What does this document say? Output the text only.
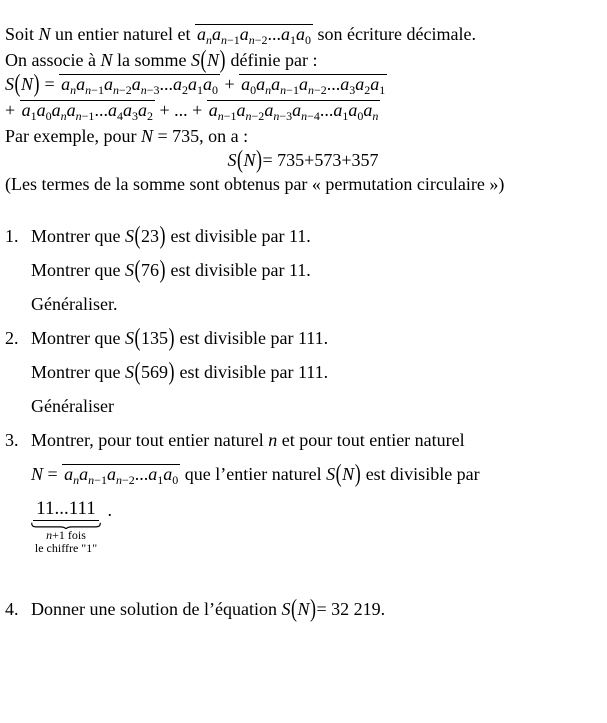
Soit N un entier naturel et $a_na_{n-1}a_{n-2}...a_1a_0$ son écriture décimale.

On associe à N la somme S(N) définie par :

$S(N) = a_na_{n-1}a_{n-2}a_{n-3}...a_2a_1a_0 + a_0a_na_{n-1}a_{n-2}...a_3a_2a_1$

+ $a_1a_0a_na_{n-1}...a_4a_3a_2$ + ... + $a_{n-1}a_{n-2}a_{n-3}a_{n-4}...a_1a_0a_n$

Par exemple, pour N = 735, on a :

S(N)= 735+573+357

(Les termes de la somme sont obtenus par « permutation circulaire »)

1. Montrer que S(23) est divisible par 11.
Montrer que S(76) est divisible par 11.
Généraliser.
2. Montrer que S(135) est divisible par 111.
Montrer que S(569) est divisible par 111.
Généraliser
3. Montrer, pour tout entier naturel n et pour tout entier naturel
$N = a_na_{n-1}a_{n-2}...a_1a_0$ que l’entier naturel S(N) est divisible par
11...111
n +1 fois
le chiffre "1"
.
4. Donner une solution de l’équation S(N)= 32 219.
